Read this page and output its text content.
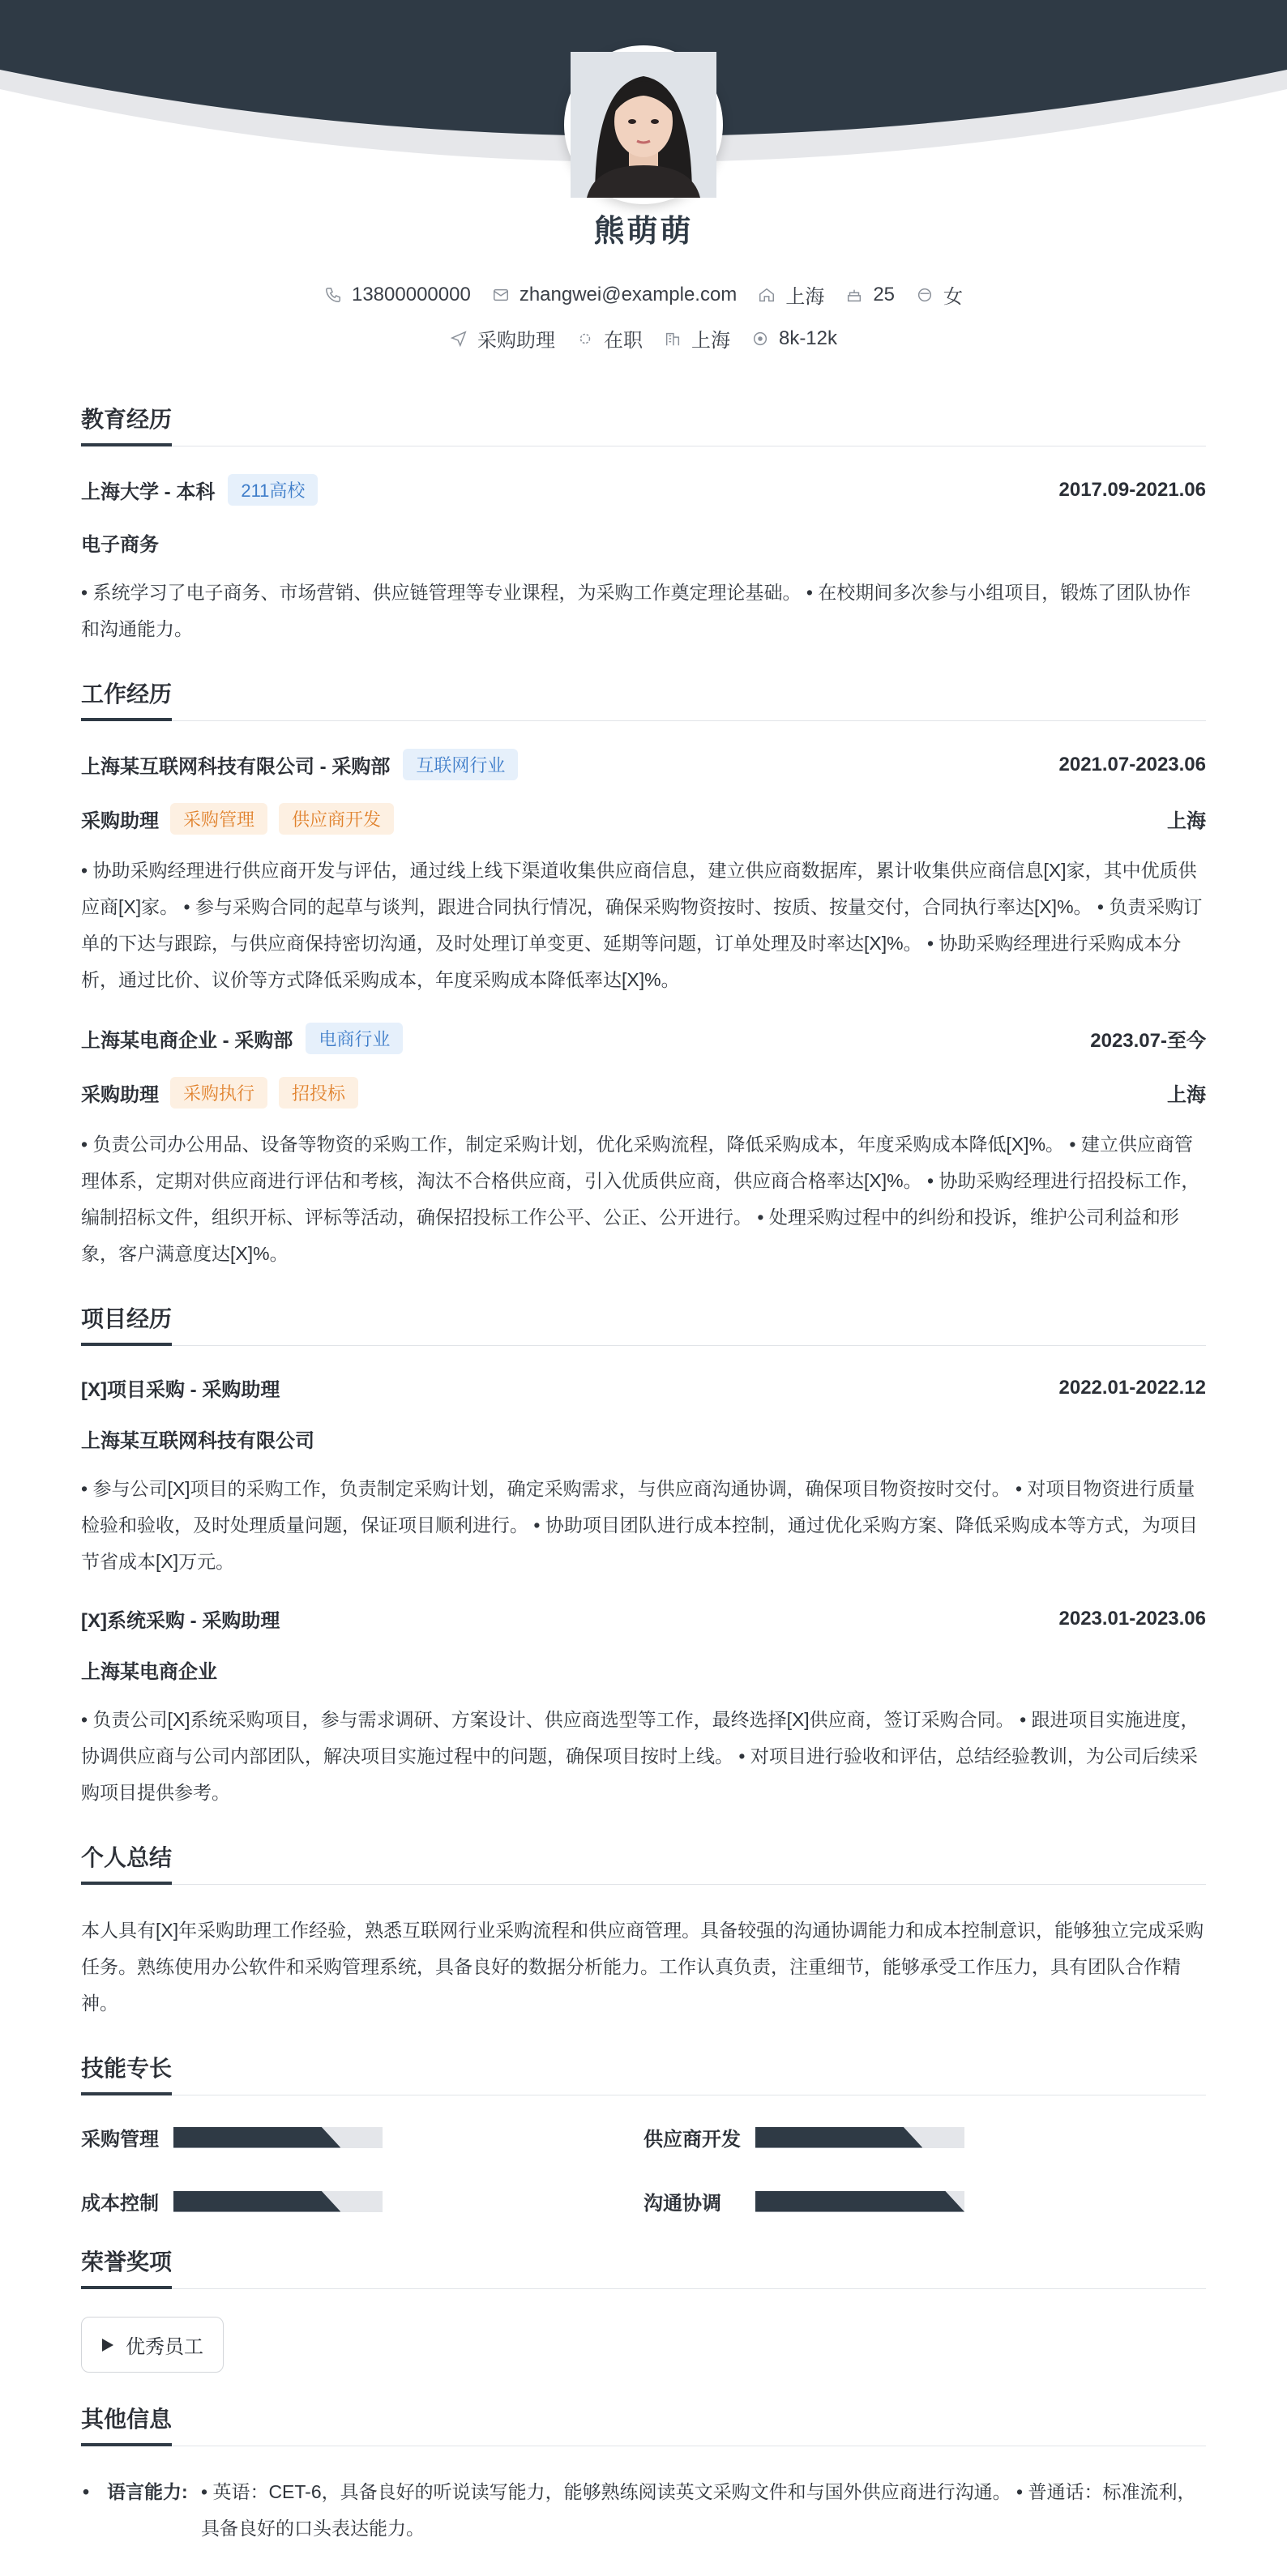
熊萌萌
13800000000	zhangwei@example.com	上海	25	女
采购助理	在职	上海	8k-12k
教育经历
上海大学 - 本科	211高校	2017.09-2021.06
电子商务
• 系统学习了电子商务、市场营销、供应链管理等专业课程，为采购工作奠定理论基础。 • 在校期间多次参与小组项目，锻炼了团队协作和沟通能力。
工作经历
上海某互联网科技有限公司 - 采购部	互联网行业	2021.07-2023.06
采购助理	采购管理	供应商开发	上海
• 协助采购经理进行供应商开发与评估，通过线上线下渠道收集供应商信息，建立供应商数据库，累计收集供应商信息[X]家，其中优质供应商[X]家。 • 参与采购合同的起草与谈判，跟进合同执行情况，确保采购物资按时、按质、按量交付，合同执行率达[X]%。 • 负责采购订单的下达与跟踪，与供应商保持密切沟通，及时处理订单变更、延期等问题，订单处理及时率达[X]%。 • 协助采购经理进行采购成本分析，通过比价、议价等方式降低采购成本，年度采购成本降低率达[X]%。
上海某电商企业 - 采购部	电商行业	2023.07-至今
采购助理	采购执行	招投标	上海
• 负责公司办公用品、设备等物资的采购工作，制定采购计划，优化采购流程，降低采购成本，年度采购成本降低[X]%。 • 建立供应商管理体系，定期对供应商进行评估和考核，淘汰不合格供应商，引入优质供应商，供应商合格率达[X]%。 • 协助采购经理进行招投标工作，编制招标文件，组织开标、评标等活动，确保招投标工作公平、公正、公开进行。 • 处理采购过程中的纠纷和投诉，维护公司利益和形象，客户满意度达[X]%。
项目经历
[X]项目采购 - 采购助理	2022.01-2022.12
上海某互联网科技有限公司
• 参与公司[X]项目的采购工作，负责制定采购计划，确定采购需求，与供应商沟通协调，确保项目物资按时交付。 • 对项目物资进行质量检验和验收，及时处理质量问题，保证项目顺利进行。 • 协助项目团队进行成本控制，通过优化采购方案、降低采购成本等方式，为项目节省成本[X]万元。
[X]系统采购 - 采购助理	2023.01-2023.06
上海某电商企业
• 负责公司[X]系统采购项目，参与需求调研、方案设计、供应商选型等工作，最终选择[X]供应商，签订采购合同。 • 跟进项目实施进度，协调供应商与公司内部团队，解决项目实施过程中的问题，确保项目按时上线。 • 对项目进行验收和评估，总结经验教训，为公司后续采购项目提供参考。
个人总结
本人具有[X]年采购助理工作经验，熟悉互联网行业采购流程和供应商管理。具备较强的沟通协调能力和成本控制意识，能够独立完成采购任务。熟练使用办公软件和采购管理系统，具备良好的数据分析能力。工作认真负责，注重细节，能够承受工作压力，具有团队合作精神。
技能专长
采购管理	供应商开发
成本控制	沟通协调
荣誉奖项
优秀员工
其他信息
• 语言能力: • 英语：CET-6，具备良好的听说读写能力，能够熟练阅读英文采购文件和与国外供应商进行沟通。 • 普通话：标准流利，具备良好的口头表达能力。
